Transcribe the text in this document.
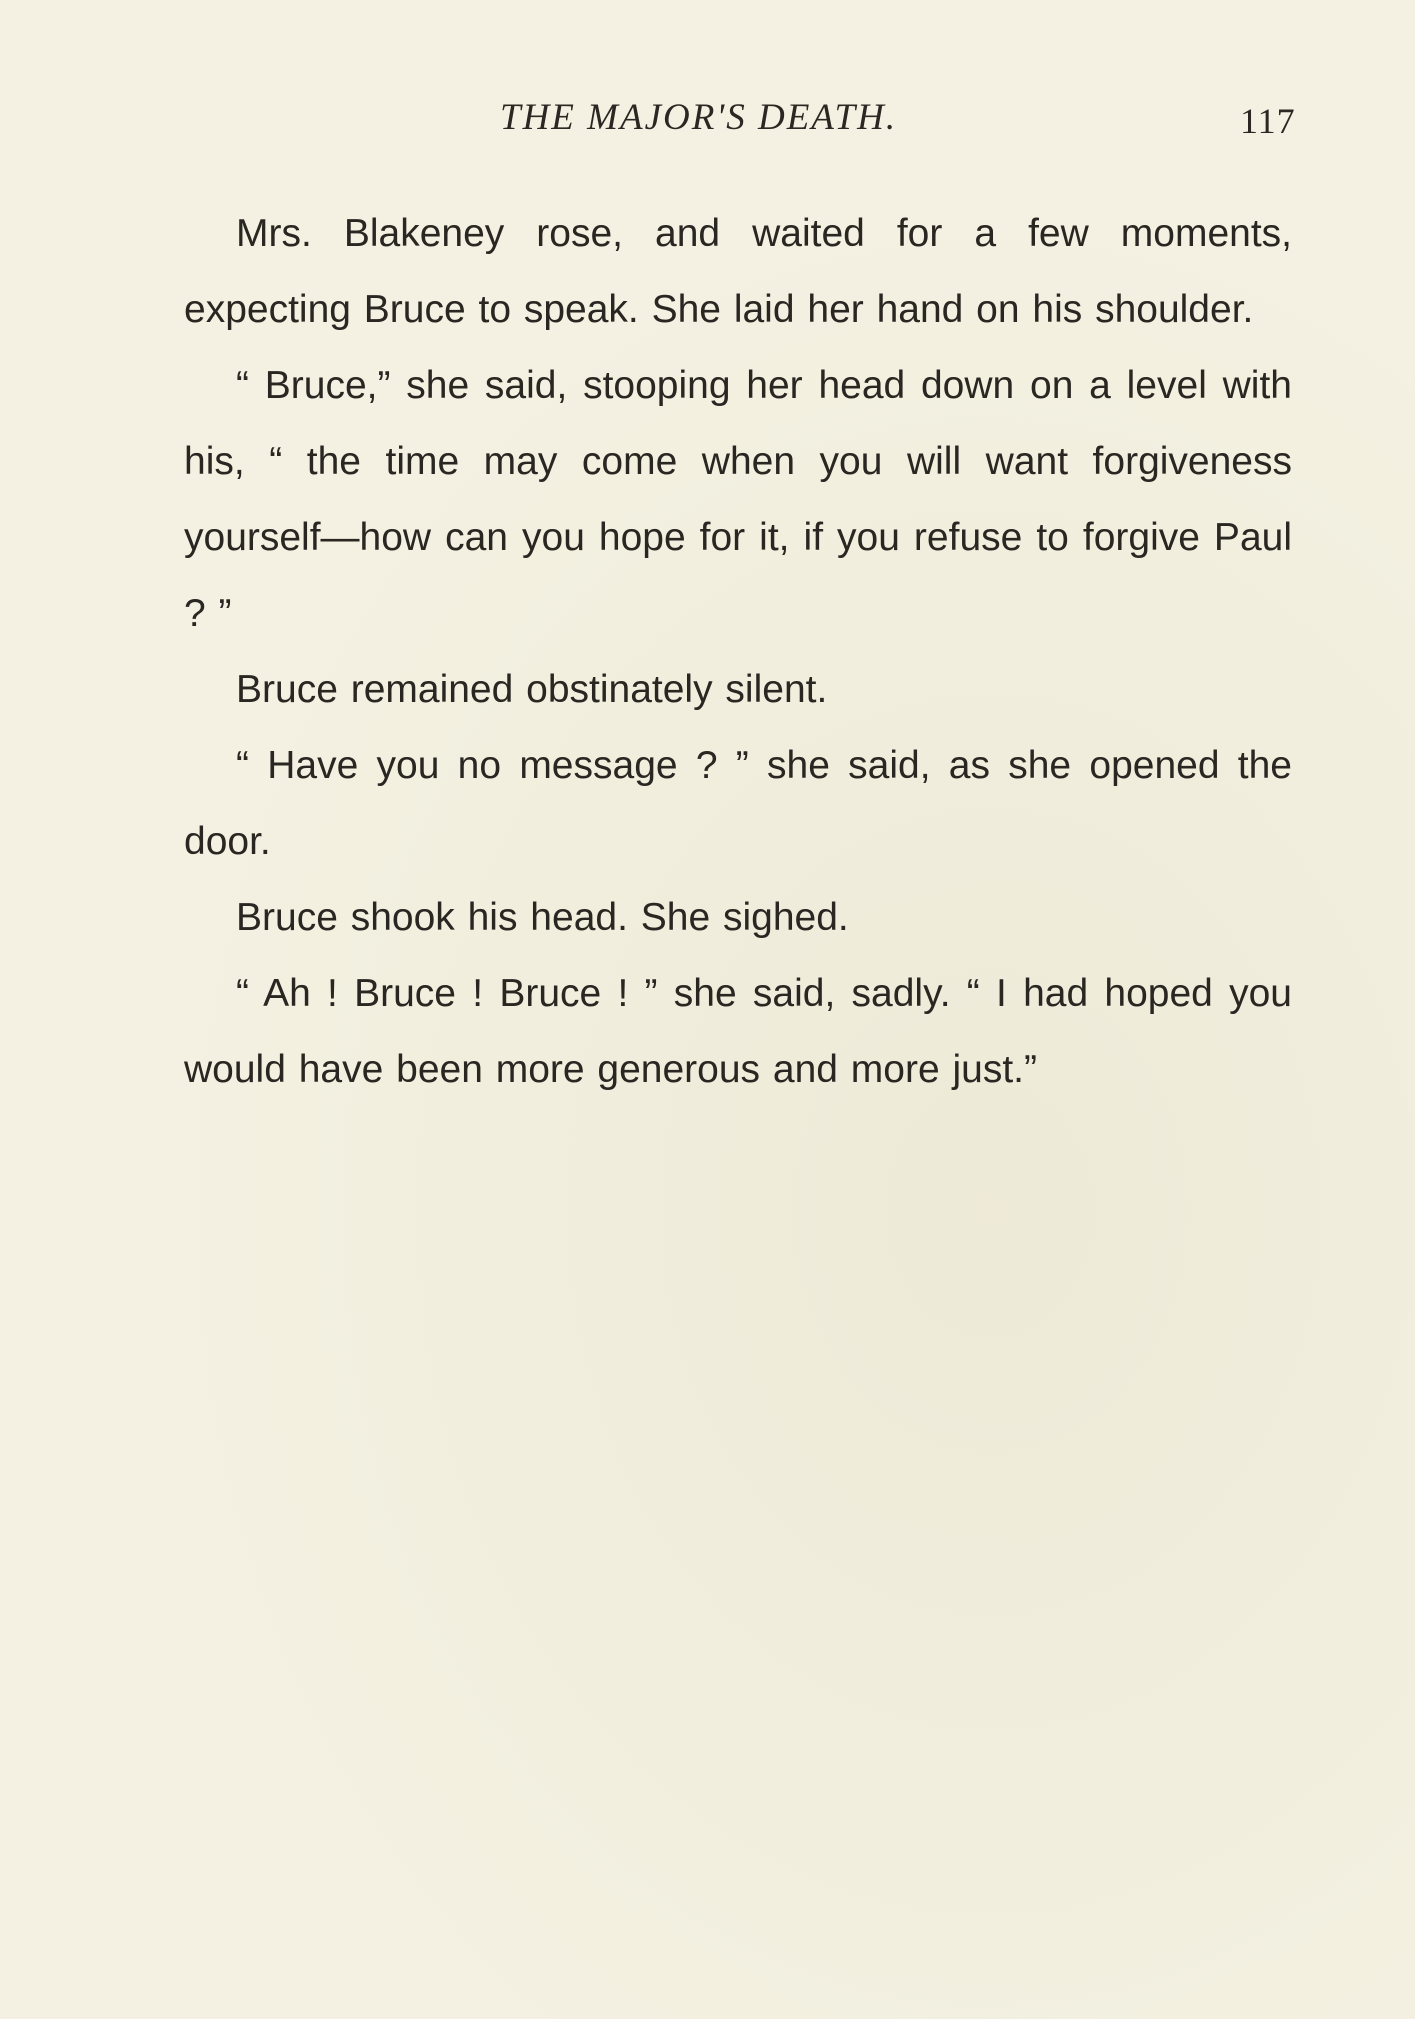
THE MAJOR'S DEATH.	117

Mrs. Blakeney rose, and waited for a few moments, expecting Bruce to speak. She laid her hand on his shoulder.

“ Bruce,” she said, stooping her head down on a level with his, “ the time may come when you will want forgiveness yourself—how can you hope for it, if you refuse to forgive Paul ? ”

Bruce remained obstinately silent.

“ Have you no message ? ” she said, as she opened the door.

Bruce shook his head. She sighed.

“ Ah ! Bruce ! Bruce ! ” she said, sadly. “ I had hoped you would have been more generous and more just.”
